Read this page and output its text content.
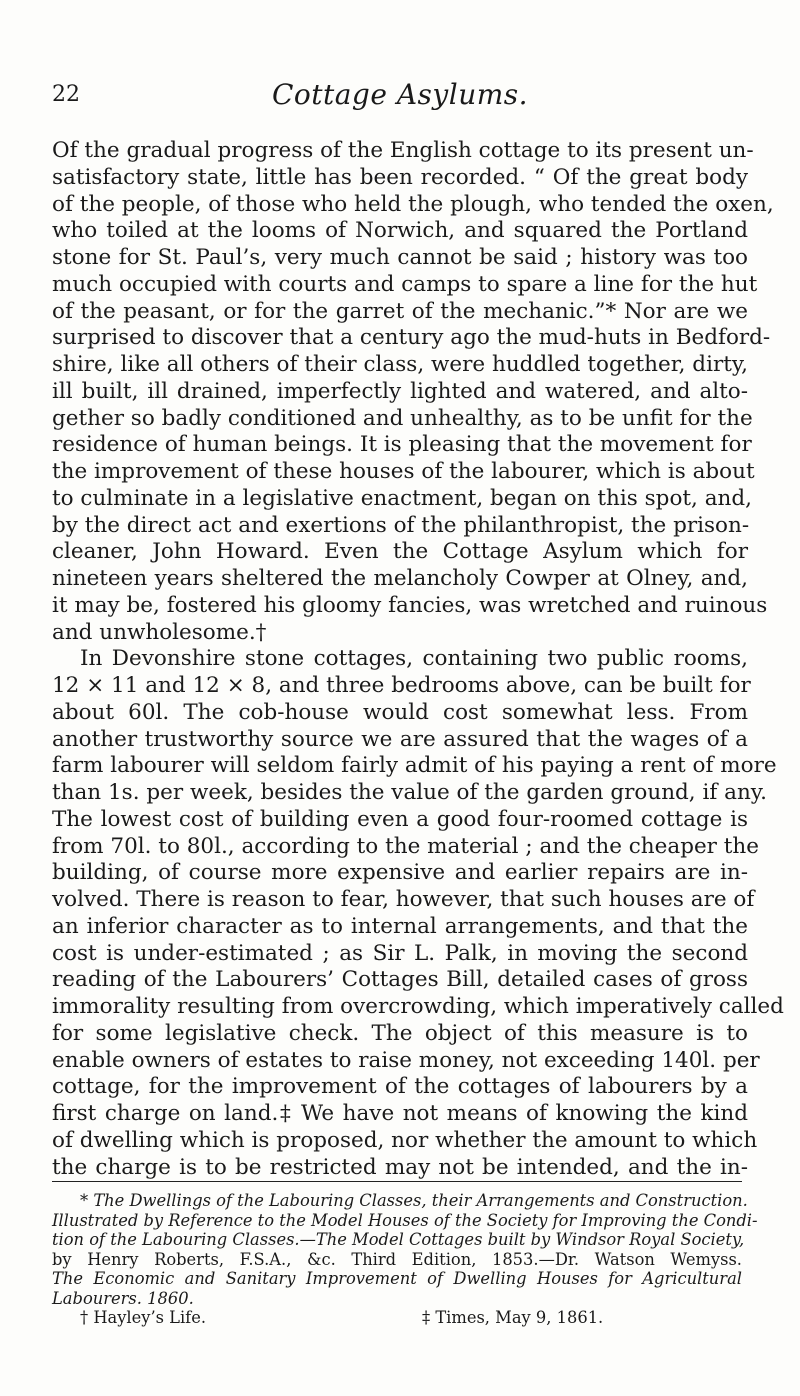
22	Cottage Asylums.
Of the gradual progress of the English cottage to its present un-
satisfactory state, little has been recorded. “ Of the great body
of the people, of those who held the plough, who tended the oxen,
who toiled at the looms of Norwich, and squared the Portland
stone for St. Paul’s, very much cannot be said ; history was too
much occupied with courts and camps to spare a line for the hut
of the peasant, or for the garret of the mechanic.”* Nor are we
surprised to discover that a century ago the mud-huts in Bedford-
shire, like all others of their class, were huddled together, dirty,
ill built, ill drained, imperfectly lighted and watered, and alto-
gether so badly conditioned and unhealthy, as to be unfit for the
residence of human beings. It is pleasing that the movement for
the improvement of these houses of the labourer, which is about
to culminate in a legislative enactment, began on this spot, and,
by the direct act and exertions of the philanthropist, the prison-
cleaner, John Howard. Even the Cottage Asylum which for
nineteen years sheltered the melancholy Cowper at Olney, and,
it may be, fostered his gloomy fancies, was wretched and ruinous
and unwholesome.†
In Devonshire stone cottages, containing two public rooms,
12 × 11 and 12 × 8, and three bedrooms above, can be built for
about 60l. The cob-house would cost somewhat less. From
another trustworthy source we are assured that the wages of a
farm labourer will seldom fairly admit of his paying a rent of more
than 1s. per week, besides the value of the garden ground, if any.
The lowest cost of building even a good four-roomed cottage is
from 70l. to 80l., according to the material ; and the cheaper the
building, of course more expensive and earlier repairs are in-
volved. There is reason to fear, however, that such houses are of
an inferior character as to internal arrangements, and that the
cost is under-estimated ; as Sir L. Palk, in moving the second
reading of the Labourers’ Cottages Bill, detailed cases of gross
immorality resulting from overcrowding, which imperatively called
for some legislative check. The object of this measure is to
enable owners of estates to raise money, not exceeding 140l. per
cottage, for the improvement of the cottages of labourers by a
first charge on land.‡ We have not means of knowing the kind
of dwelling which is proposed, nor whether the amount to which
the charge is to be restricted may not be intended, and the in-
* The Dwellings of the Labouring Classes, their Arrangements and Construction.
Illustrated by Reference to the Model Houses of the Society for Improving the Condi-
tion of the Labouring Classes.—The Model Cottages built by Windsor Royal Society,
by Henry Roberts, F.S.A., &c. Third Edition, 1853.—Dr. Watson Wemyss.
The Economic and Sanitary Improvement of Dwelling Houses for Agricultural
Labourers. 1860.
† Hayley’s Life.	‡ Times, May 9, 1861.
